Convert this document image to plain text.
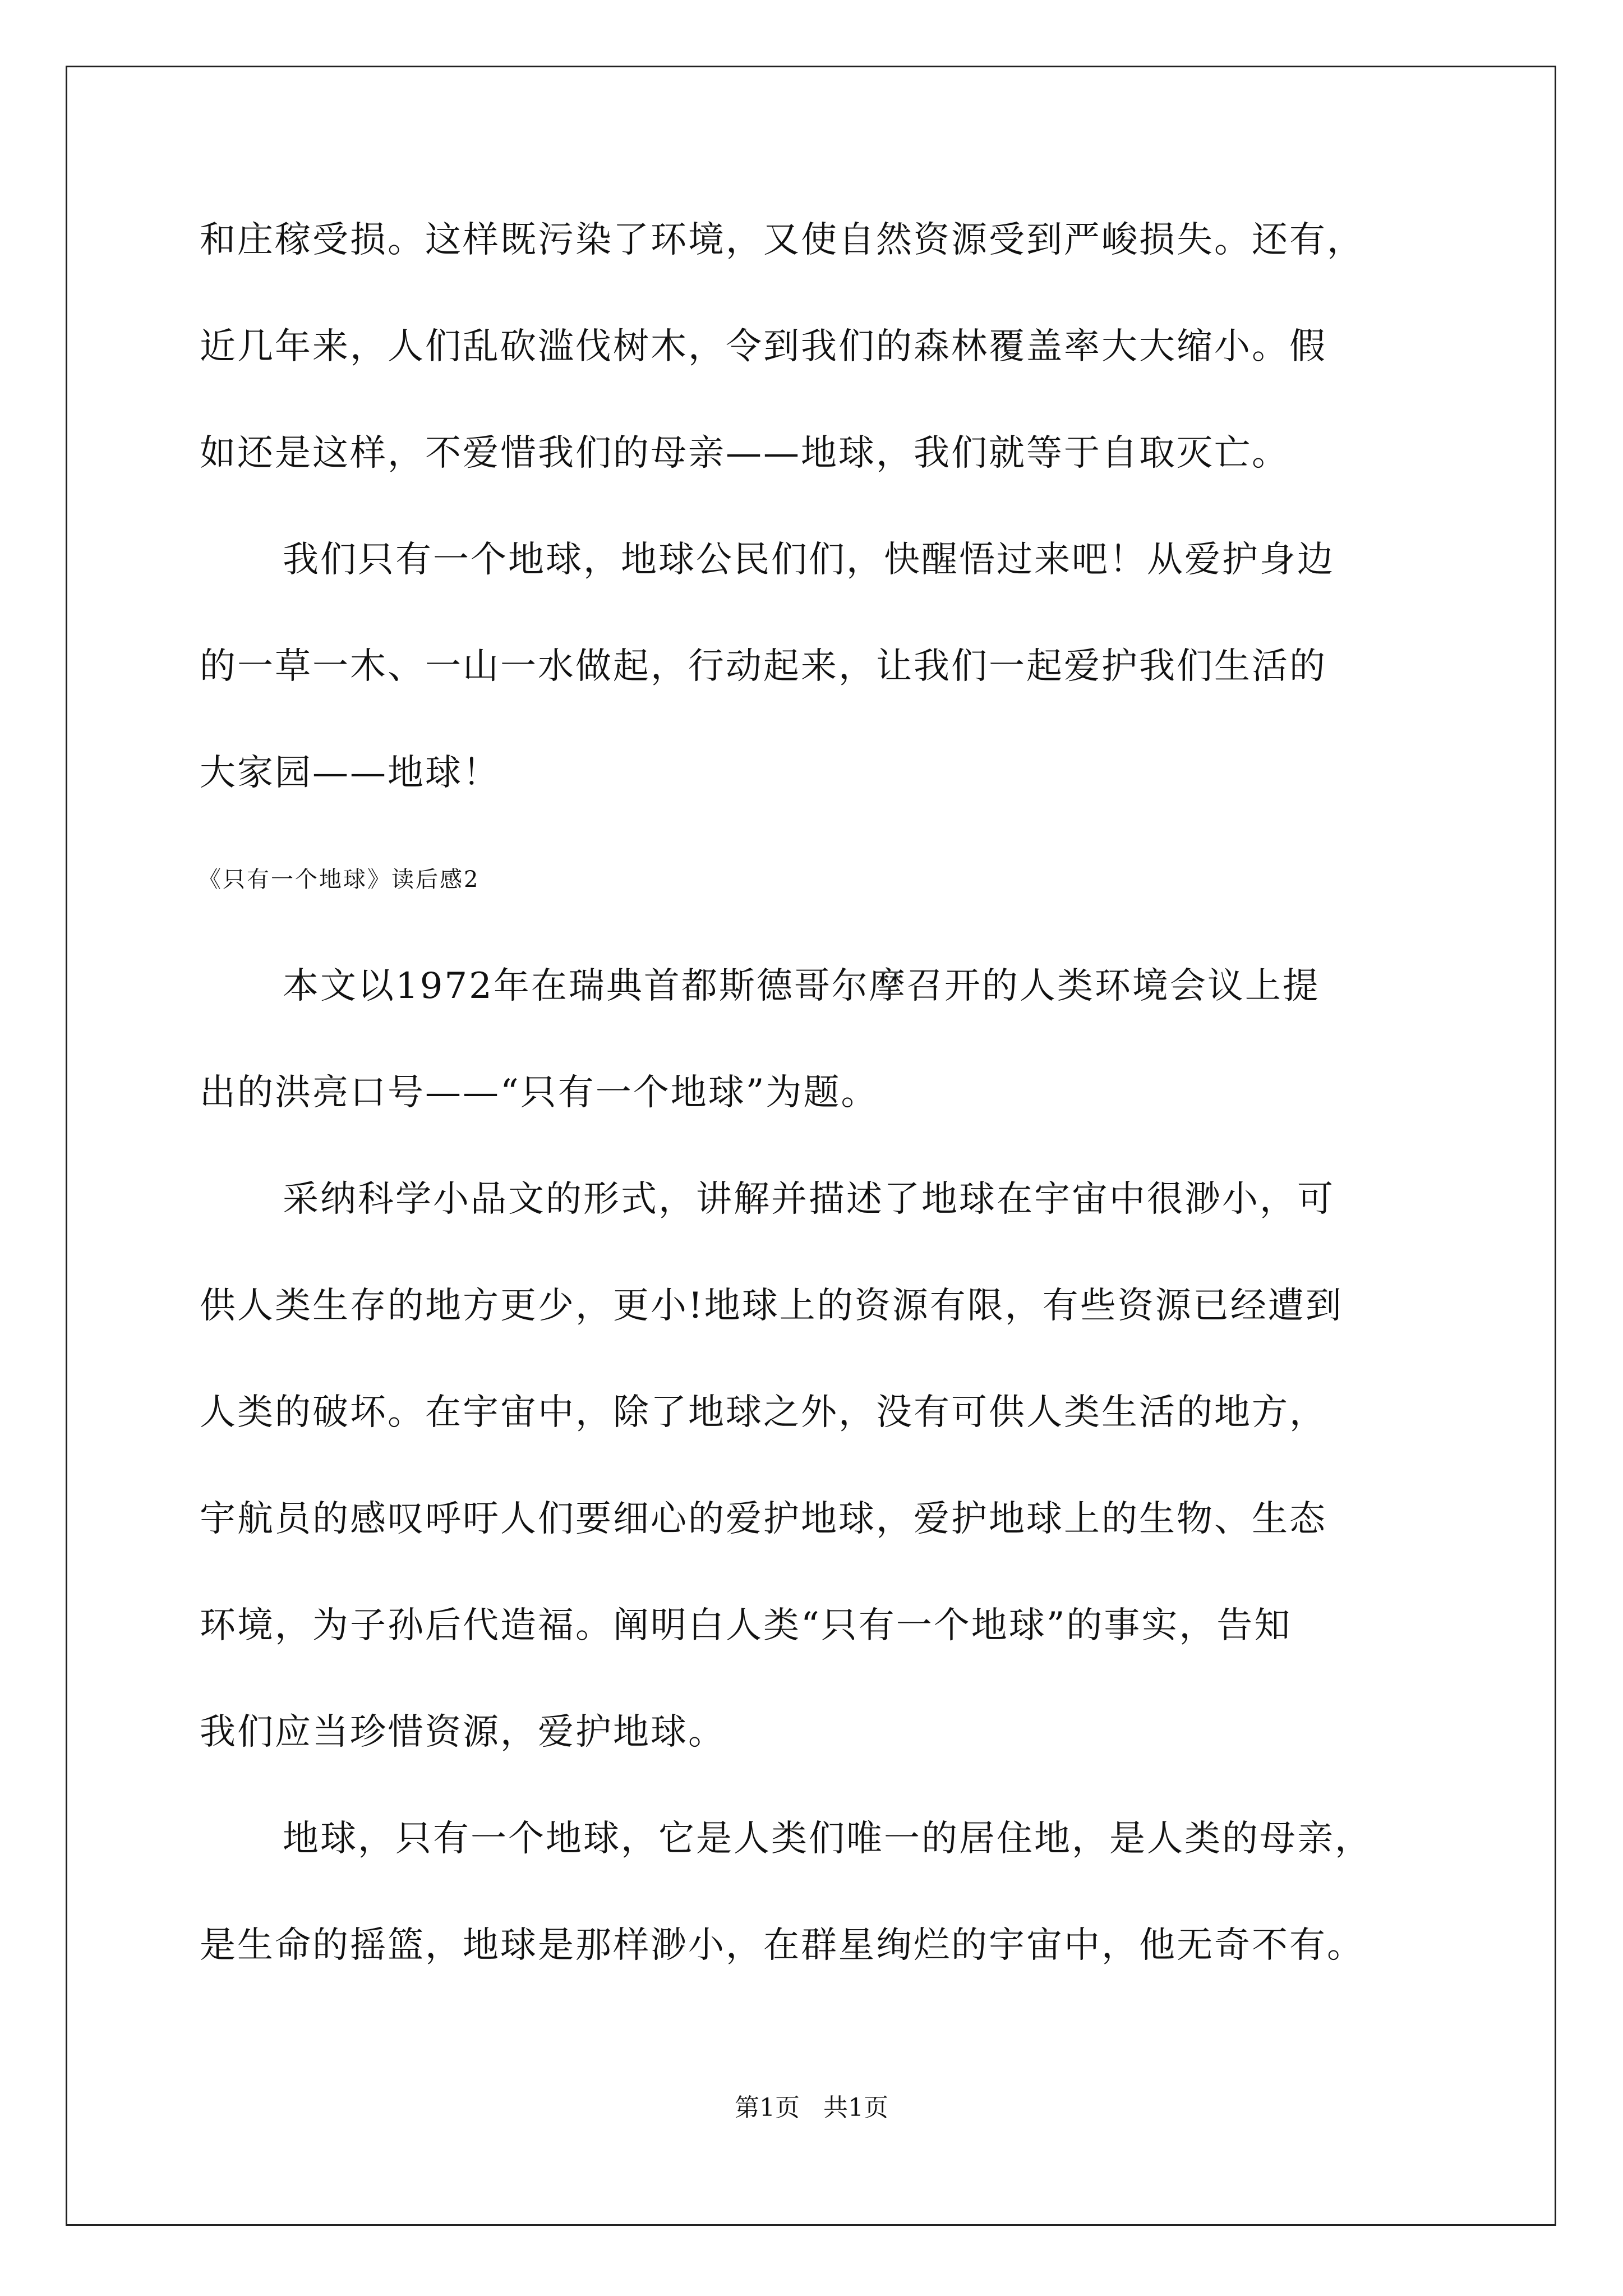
和庄稼受损。这样既污染了环境，又使自然资源受到严峻损失。还有，
近几年来，人们乱砍滥伐树木，令到我们的森林覆盖率大大缩小。假
如还是这样，不爱惜我们的母亲——地球，我们就等于自取灭亡。
我们只有一个地球，地球公民们们，快醒悟过来吧！从爱护身边
的一草一木、一山一水做起，行动起来，让我们一起爱护我们生活的
大家园——地球！
《只有一个地球》读后感2
本文以1972年在瑞典首都斯德哥尔摩召开的人类环境会议上提
出的洪亮口号——“只有一个地球”为题。
采纳科学小品文的形式，讲解并描述了地球在宇宙中很渺小，可
供人类生存的地方更少，更小!地球上的资源有限，有些资源已经遭到
人类的破坏。在宇宙中，除了地球之外，没有可供人类生活的地方，
宇航员的感叹呼吁人们要细心的爱护地球，爱护地球上的生物、生态
环境，为子孙后代造福。阐明白人类“只有一个地球”的事实，告知
我们应当珍惜资源，爱护地球。
地球，只有一个地球，它是人类们唯一的居住地，是人类的母亲，
是生命的摇篮，地球是那样渺小，在群星绚烂的宇宙中，他无奇不有。
第1页   共1页
